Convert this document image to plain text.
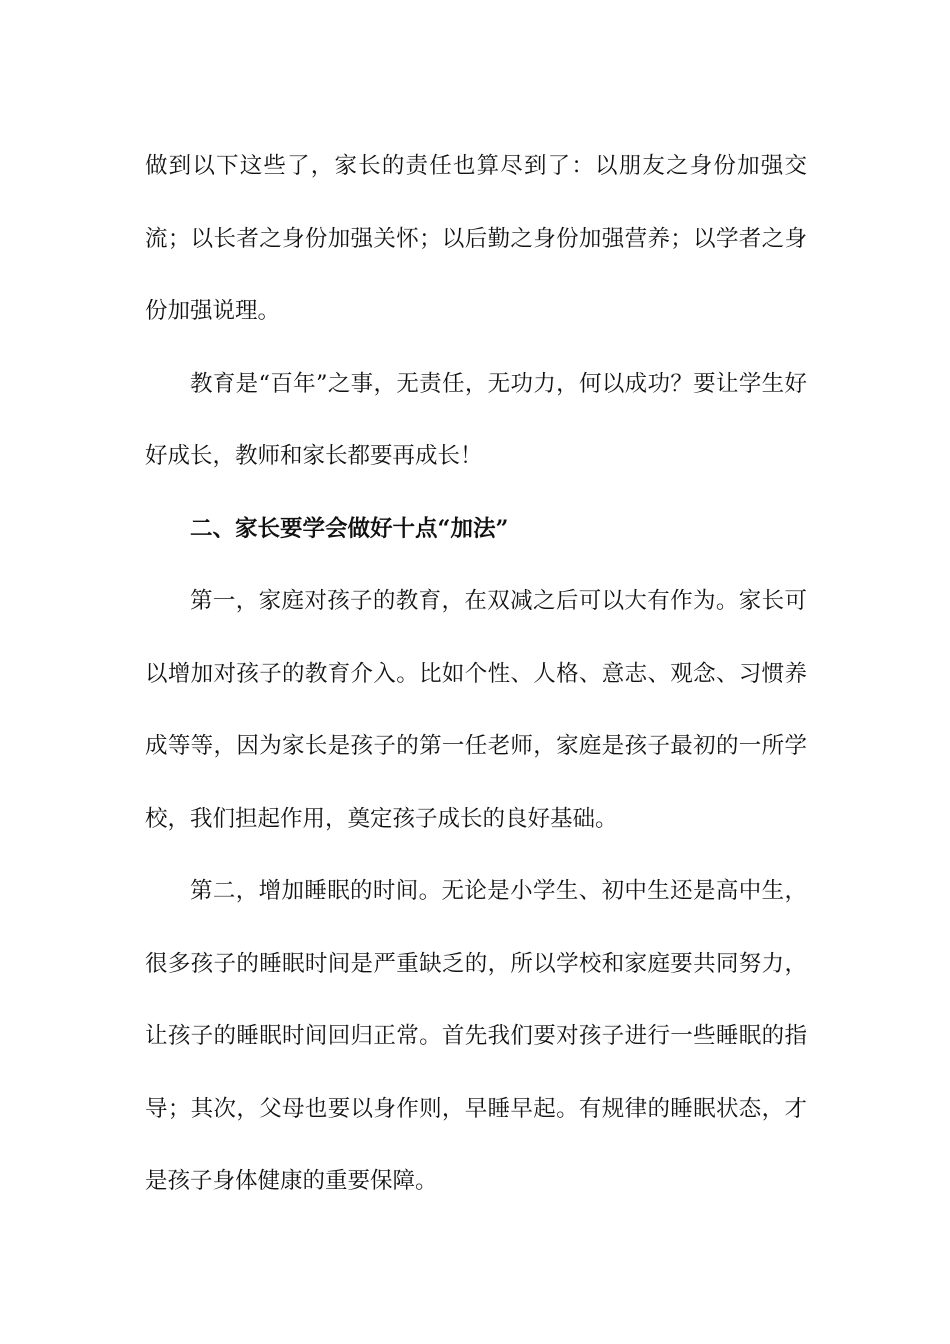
做到以下这些了，家长的责任也算尽到了：以朋友之身份加强交流；以长者之身份加强关怀；以后勤之身份加强营养；以学者之身份加强说理。

教育是“百年”之事，无责任，无功力，何以成功？要让学生好好成长，教师和家长都要再成长！

二、家长要学会做好十点“加法”

第一，家庭对孩子的教育，在双减之后可以大有作为。家长可以增加对孩子的教育介入。比如个性、人格、意志、观念、习惯养成等等，因为家长是孩子的第一任老师，家庭是孩子最初的一所学校，我们担起作用，奠定孩子成长的良好基础。

第二，增加睡眠的时间。无论是小学生、初中生还是高中生，很多孩子的睡眠时间是严重缺乏的，所以学校和家庭要共同努力，让孩子的睡眠时间回归正常。首先我们要对孩子进行一些睡眠的指导；其次，父母也要以身作则，早睡早起。有规律的睡眠状态，才是孩子身体健康的重要保障。
